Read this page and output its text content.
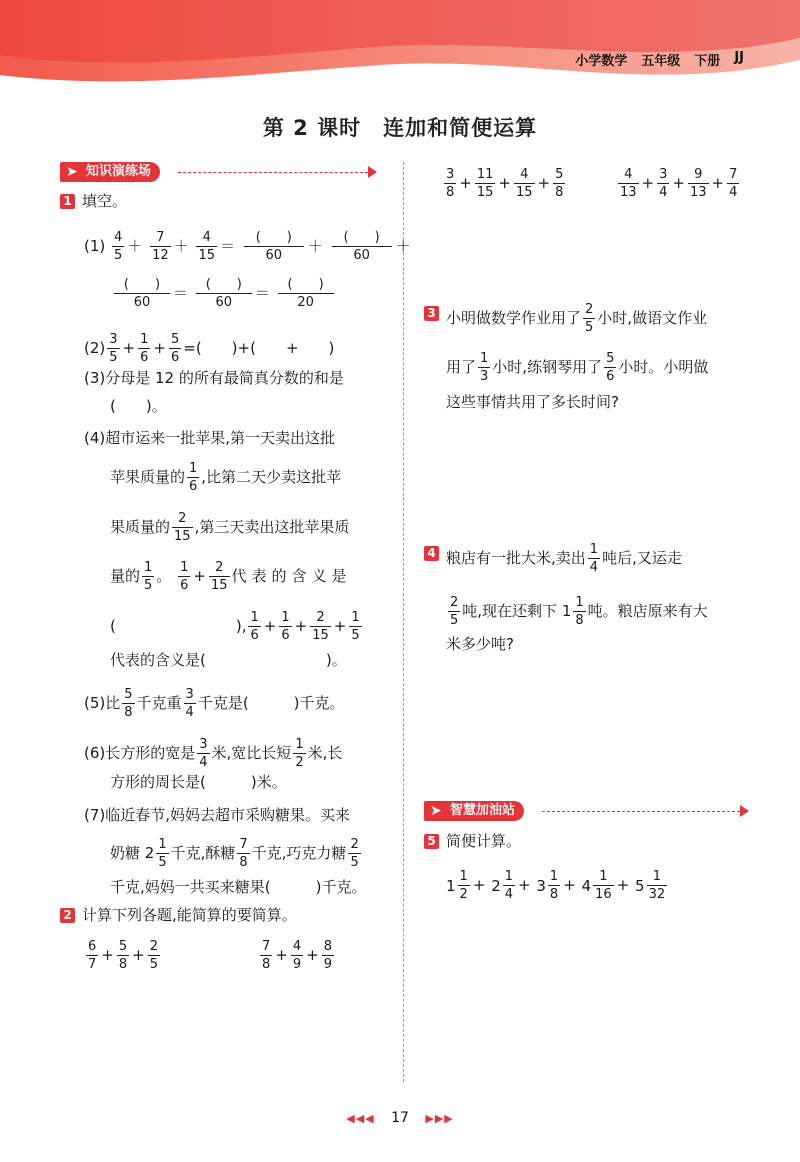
小学数学 五年级 下册 JJ
第 2 课时 连加和简便运算
➤ 知识演练场
1 填空。
$(1) \frac{4}{5} + \frac{7}{12} + \frac{4}{15}$ ＝ (　　 )
60
＋ (　　 )
60
＋
(　　 )
60
＝ (　　 )
60
＝ (　　 )
20
$(2) \frac{3}{5} + \frac{1}{6} + \frac{5}{6}$ =(　　)+(　　+　　)
(3)分母是 12 的所有最简真分数的和是
(　　)。
(4)超市运来一批苹果,第一天卖出这批
苹果质量的 $\frac{1}{6}$ ,比第二天少卖这批苹
果质量的 $\frac{2}{15}$ ,第三天卖出这批苹果质
量的 $\frac{1}{5}$ 。 $\frac{1}{6} + \frac{2}{15}$ 代表的含义是
(	), $\frac{1}{6} + \frac{1}{6} + \frac{2}{15} + \frac{1}{5}$
代表的含义是(　　　　　　　　)。
(5)比 $\frac{5}{8}$ 千克重 $\frac{3}{4}$ 千克是(　　　)千克。
(6)长方形的宽是 $\frac{3}{4}$ 米,宽比长短 $\frac{1}{2}$ 米,长
方形的周长是(　　　)米。
(7)临近春节,妈妈去超市采购糖果。买来
奶糖 $2 \frac{1}{5}$ 千克,酥糖 $\frac{7}{8}$ 千克,巧克力糖 $\frac{2}{5}$
千克,妈妈一共买来糖果(　　　)千克。
2 计算下列各题,能简算的要简算。
$\frac{6}{7} + \frac{5}{8} + \frac{2}{5}$	$\frac{7}{8} + \frac{4}{9} + \frac{8}{9}$
$\frac{3}{8} + \frac{11}{15} + \frac{4}{15} + \frac{5}{8}$	$\frac{4}{13} + \frac{3}{4} + \frac{9}{13} + \frac{7}{4}$
3 小明做数学作业用了 $\frac{2}{5}$ 小时,做语文作业
用了 $\frac{1}{3}$ 小时,练钢琴用了 $\frac{5}{6}$ 小时。小明做
这些事情共用了多长时间?
4 粮店有一批大米,卖出 $\frac{1}{4}$ 吨后,又运走
$\frac{2}{5}$ 吨,现在还剩下 $1 \frac{1}{8}$ 吨。粮店原来有大
米多少吨?
➤ 智慧加油站
5 简便计算。
1 1
2
+ 2 1
4
+ 3 1
8
+ 4 1
16
+ 5 1
32
◀◀◀ 17 ▶▶▶
